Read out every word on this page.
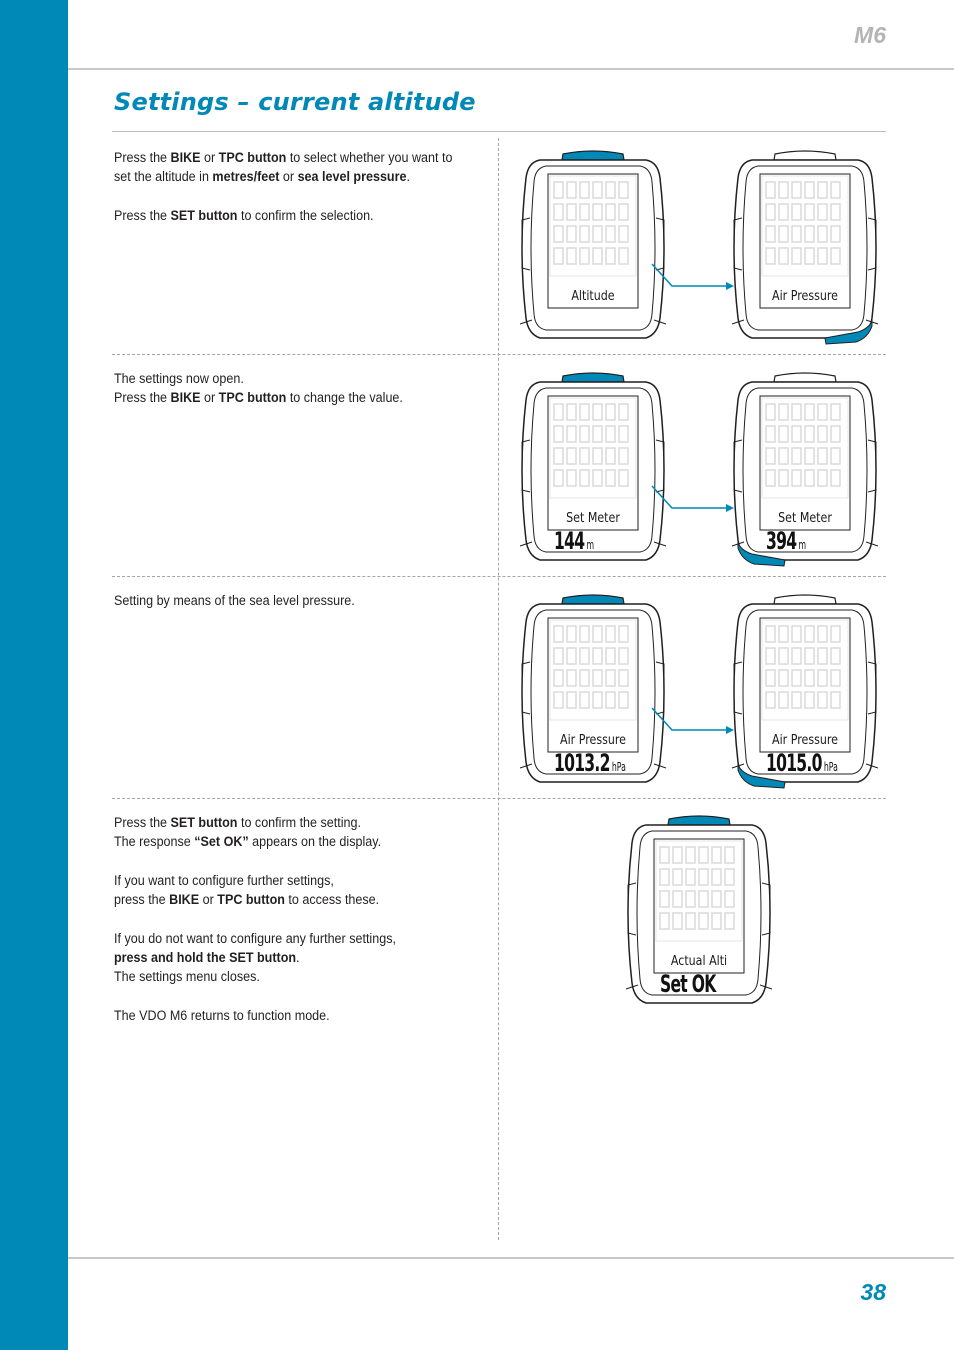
M6
Settings – current altitude
Press the BIKE or TPC button to select whether you want to set the altitude in metres/feet or sea level pressure.
Press the SET button to confirm the selection.
The settings now open.
Press the BIKE or TPC button to change the value.
Setting by means of the sea level pressure.
Press the SET button to confirm the setting.
The response “Set OK” appears on the display.
If you want to configure further settings,
press the BIKE or TPC button to access these.
If you do not want to configure any further settings,
press and hold the SET button.
The settings menu closes.
The VDO M6 returns to function mode.
Altitude	Air Pressure
Set Meter
144 m
Set Meter
394 m
Air Pressure
1013.2 hPa
Air Pressure
1015.0 hPa
Actual Alti
Set OK
38
